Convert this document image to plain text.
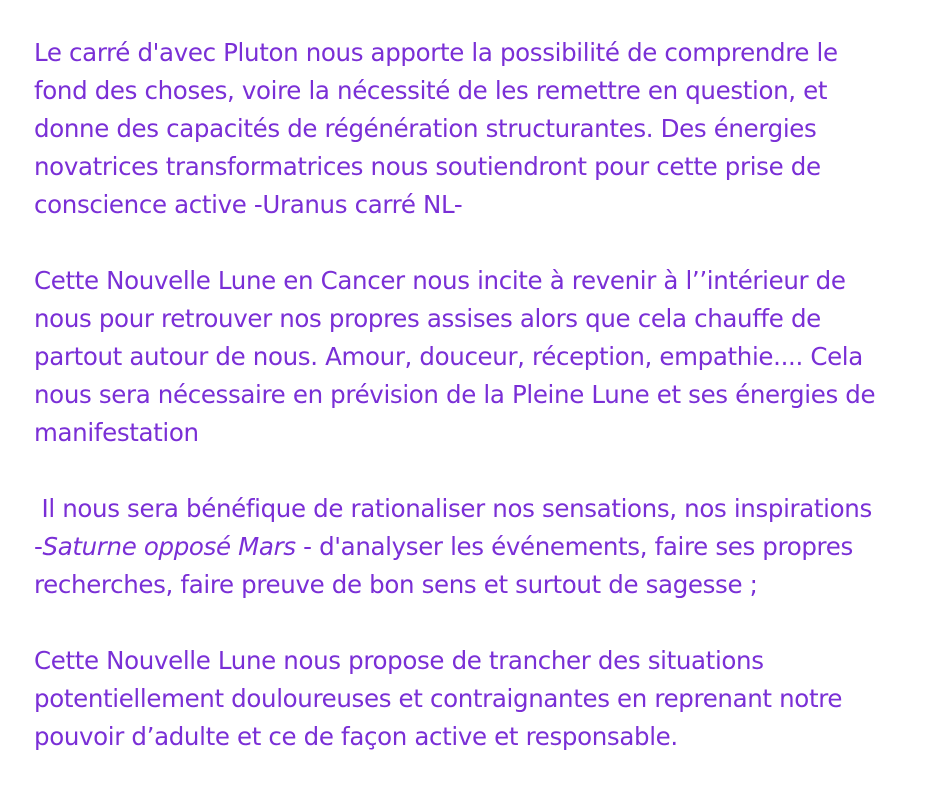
Le carré d'avec Pluton nous apporte la possibilité de comprendre le
fond des choses, voire la nécessité de les remettre en question, et
donne des capacités de régénération structurantes. Des énergies
novatrices transformatrices nous soutiendront pour cette prise de
conscience active -Uranus carré NL-

Cette Nouvelle Lune en Cancer nous incite à revenir à l’’intérieur de
nous pour retrouver nos propres assises alors que cela chauffe de
partout autour de nous. Amour, douceur, réception, empathie.... Cela
nous sera nécessaire en prévision de la Pleine Lune et ses énergies de
manifestation

Il nous sera bénéfique de rationaliser nos sensations, nos inspirations
-Saturne opposé Mars - d'analyser les événements, faire ses propres
recherches, faire preuve de bon sens et surtout de sagesse ;

Cette Nouvelle Lune nous propose de trancher des situations
potentiellement douloureuses et contraignantes en reprenant notre
pouvoir d’adulte et ce de façon active et responsable.
